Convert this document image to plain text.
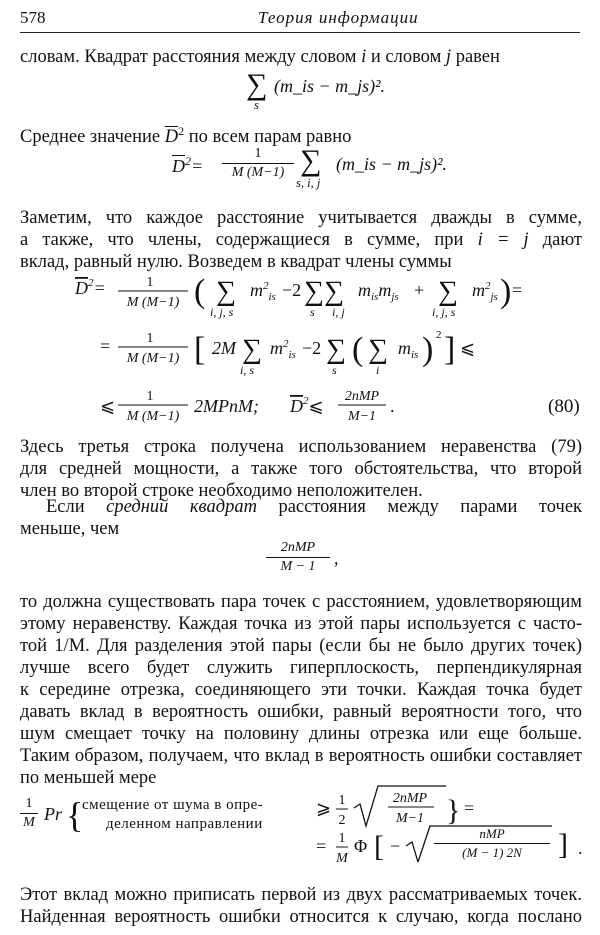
578	Теория информации
словам. Квадрат расстояния между словом i и словом j равен
∑
s
(m_is − m_js)².
Среднее значение $\overline{D}^2$ по всем парам равно
$\overline{D}^2=$
1
M (M−1) ∑
s, i, j
(m_is − m_js)².
Заметим, что каждое расстояние учитывается дважды в сумме,
а также, что члены, содержащиеся в сумме, при i = j дают
вклад, равный нулю. Возведем в квадрат члены суммы
$D^2=$	1
M (M−1) ( ∑
i, j, s
$m^2_{is} -2$ ∑∑
s i, j
$m_{is}m_{js}$ + ∑
i, j, s
$m^2_{js}$ ) =
=	1
M (M−1) [ 2M ∑
i, s
$m^2_{is} -2$ ∑
s
( ∑
i
$m_{is}$ ) 2 ] ⩽
⩽ 1
M (M−1)
2MPnM; $D^2⩽$ 2nMP
M−1
.	(80)
Здесь третья строка получена использованием неравенства (79)
для средней мощности, а также того обстоятельства, что второй
член во второй строке необходимо неположителен.
Если средний квадрат расстояния между парами точек
меньше, чем
2nMP
M − 1	,
то должна существовать пара точек с расстоянием, удовлетворяющим
этому неравенству. Каждая точка из этой пары используется с часто-
той 1/M. Для разделения этой пары (если бы не было других точек)
лучше всего будет служить гиперплоскость, перпендикулярная
к середине отрезка, соединяющего эти точки. Каждая точка будет
давать вклад в вероятность ошибки, равный вероятности того, что
шум смещает точку на половину длины отрезка или еще больше.
Таким образом, получаем, что вклад в вероятность ошибки составляет
по меньшей мере
1
M Pr {
смещение от шума в опре-
деленном направлении
⩾ 1
2
2nMP
M−1 } =
= 1
M
Φ [ −
nMP
(M − 1) 2N	] .
Этот вклад можно приписать первой из двух рассматриваемых точек.
Найденная вероятность ошибки относится к случаю, когда послано
